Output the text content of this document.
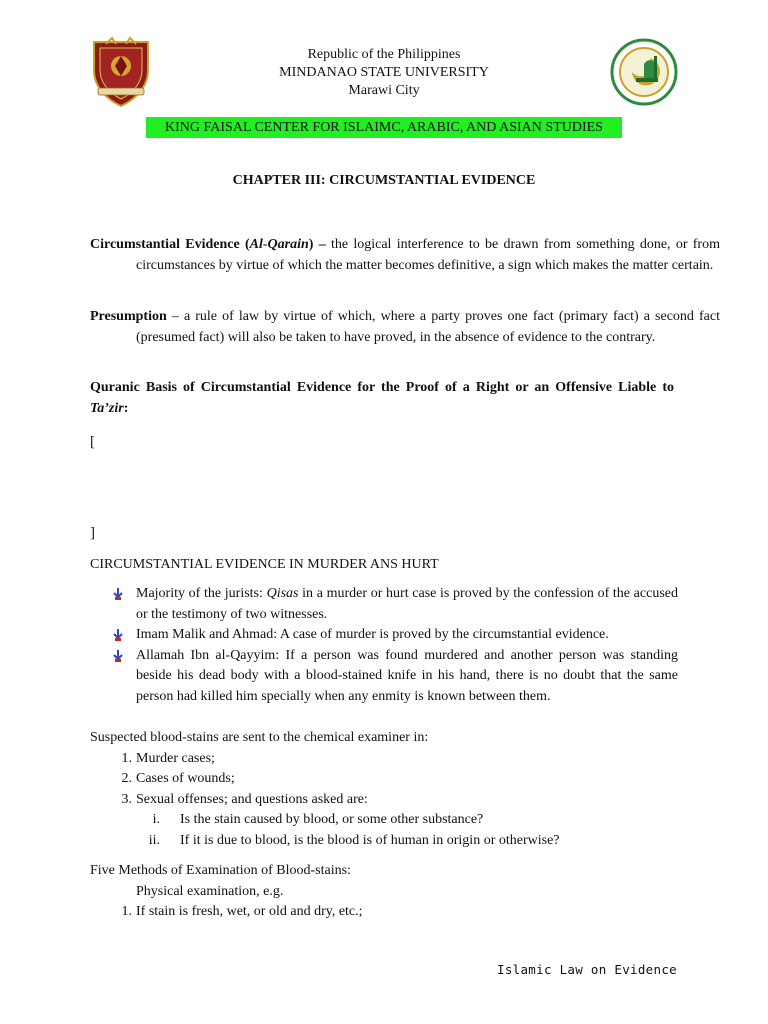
Republic of the Philippines
MINDANAO STATE UNIVERSITY
Marawi City
KING FAISAL CENTER FOR ISLAIMC, ARABIC, AND ASIAN STUDIES
CHAPTER III: CIRCUMSTANTIAL EVIDENCE
Circumstantial Evidence (Al-Qarain) – the logical interference to be drawn from something done, or from circumstances by virtue of which the matter becomes definitive, a sign which makes the matter certain.
Presumption – a rule of law by virtue of which, where a party proves one fact (primary fact) a second fact (presumed fact) will also be taken to have proved, in the absence of evidence to the contrary.
Quranic Basis of Circumstantial Evidence for the Proof of a Right or an Offensive Liable to Ta’zir:
[
]
CIRCUMSTANTIAL EVIDENCE IN MURDER ANS HURT
Majority of the jurists: Qisas in a murder or hurt case is proved by the confession of the accused or the testimony of two witnesses.
Imam Malik and Ahmad: A case of murder is proved by the circumstantial evidence.
Allamah Ibn al-Qayyim: If a person was found murdered and another person was standing beside his dead body with a blood-stained knife in his hand, there is no doubt that the same person had killed him specially when any enmity is known between them.
Suspected blood-stains are sent to the chemical examiner in:
1. Murder cases;
2. Cases of wounds;
3. Sexual offenses; and questions asked are:
i. Is the stain caused by blood, or some other substance?
ii. If it is due to blood, is the blood is of human in origin or otherwise?
Five Methods of Examination of Blood-stains:
Physical examination, e.g.
1. If stain is fresh, wet, or old and dry, etc.;
Islamic Law on Evidence
